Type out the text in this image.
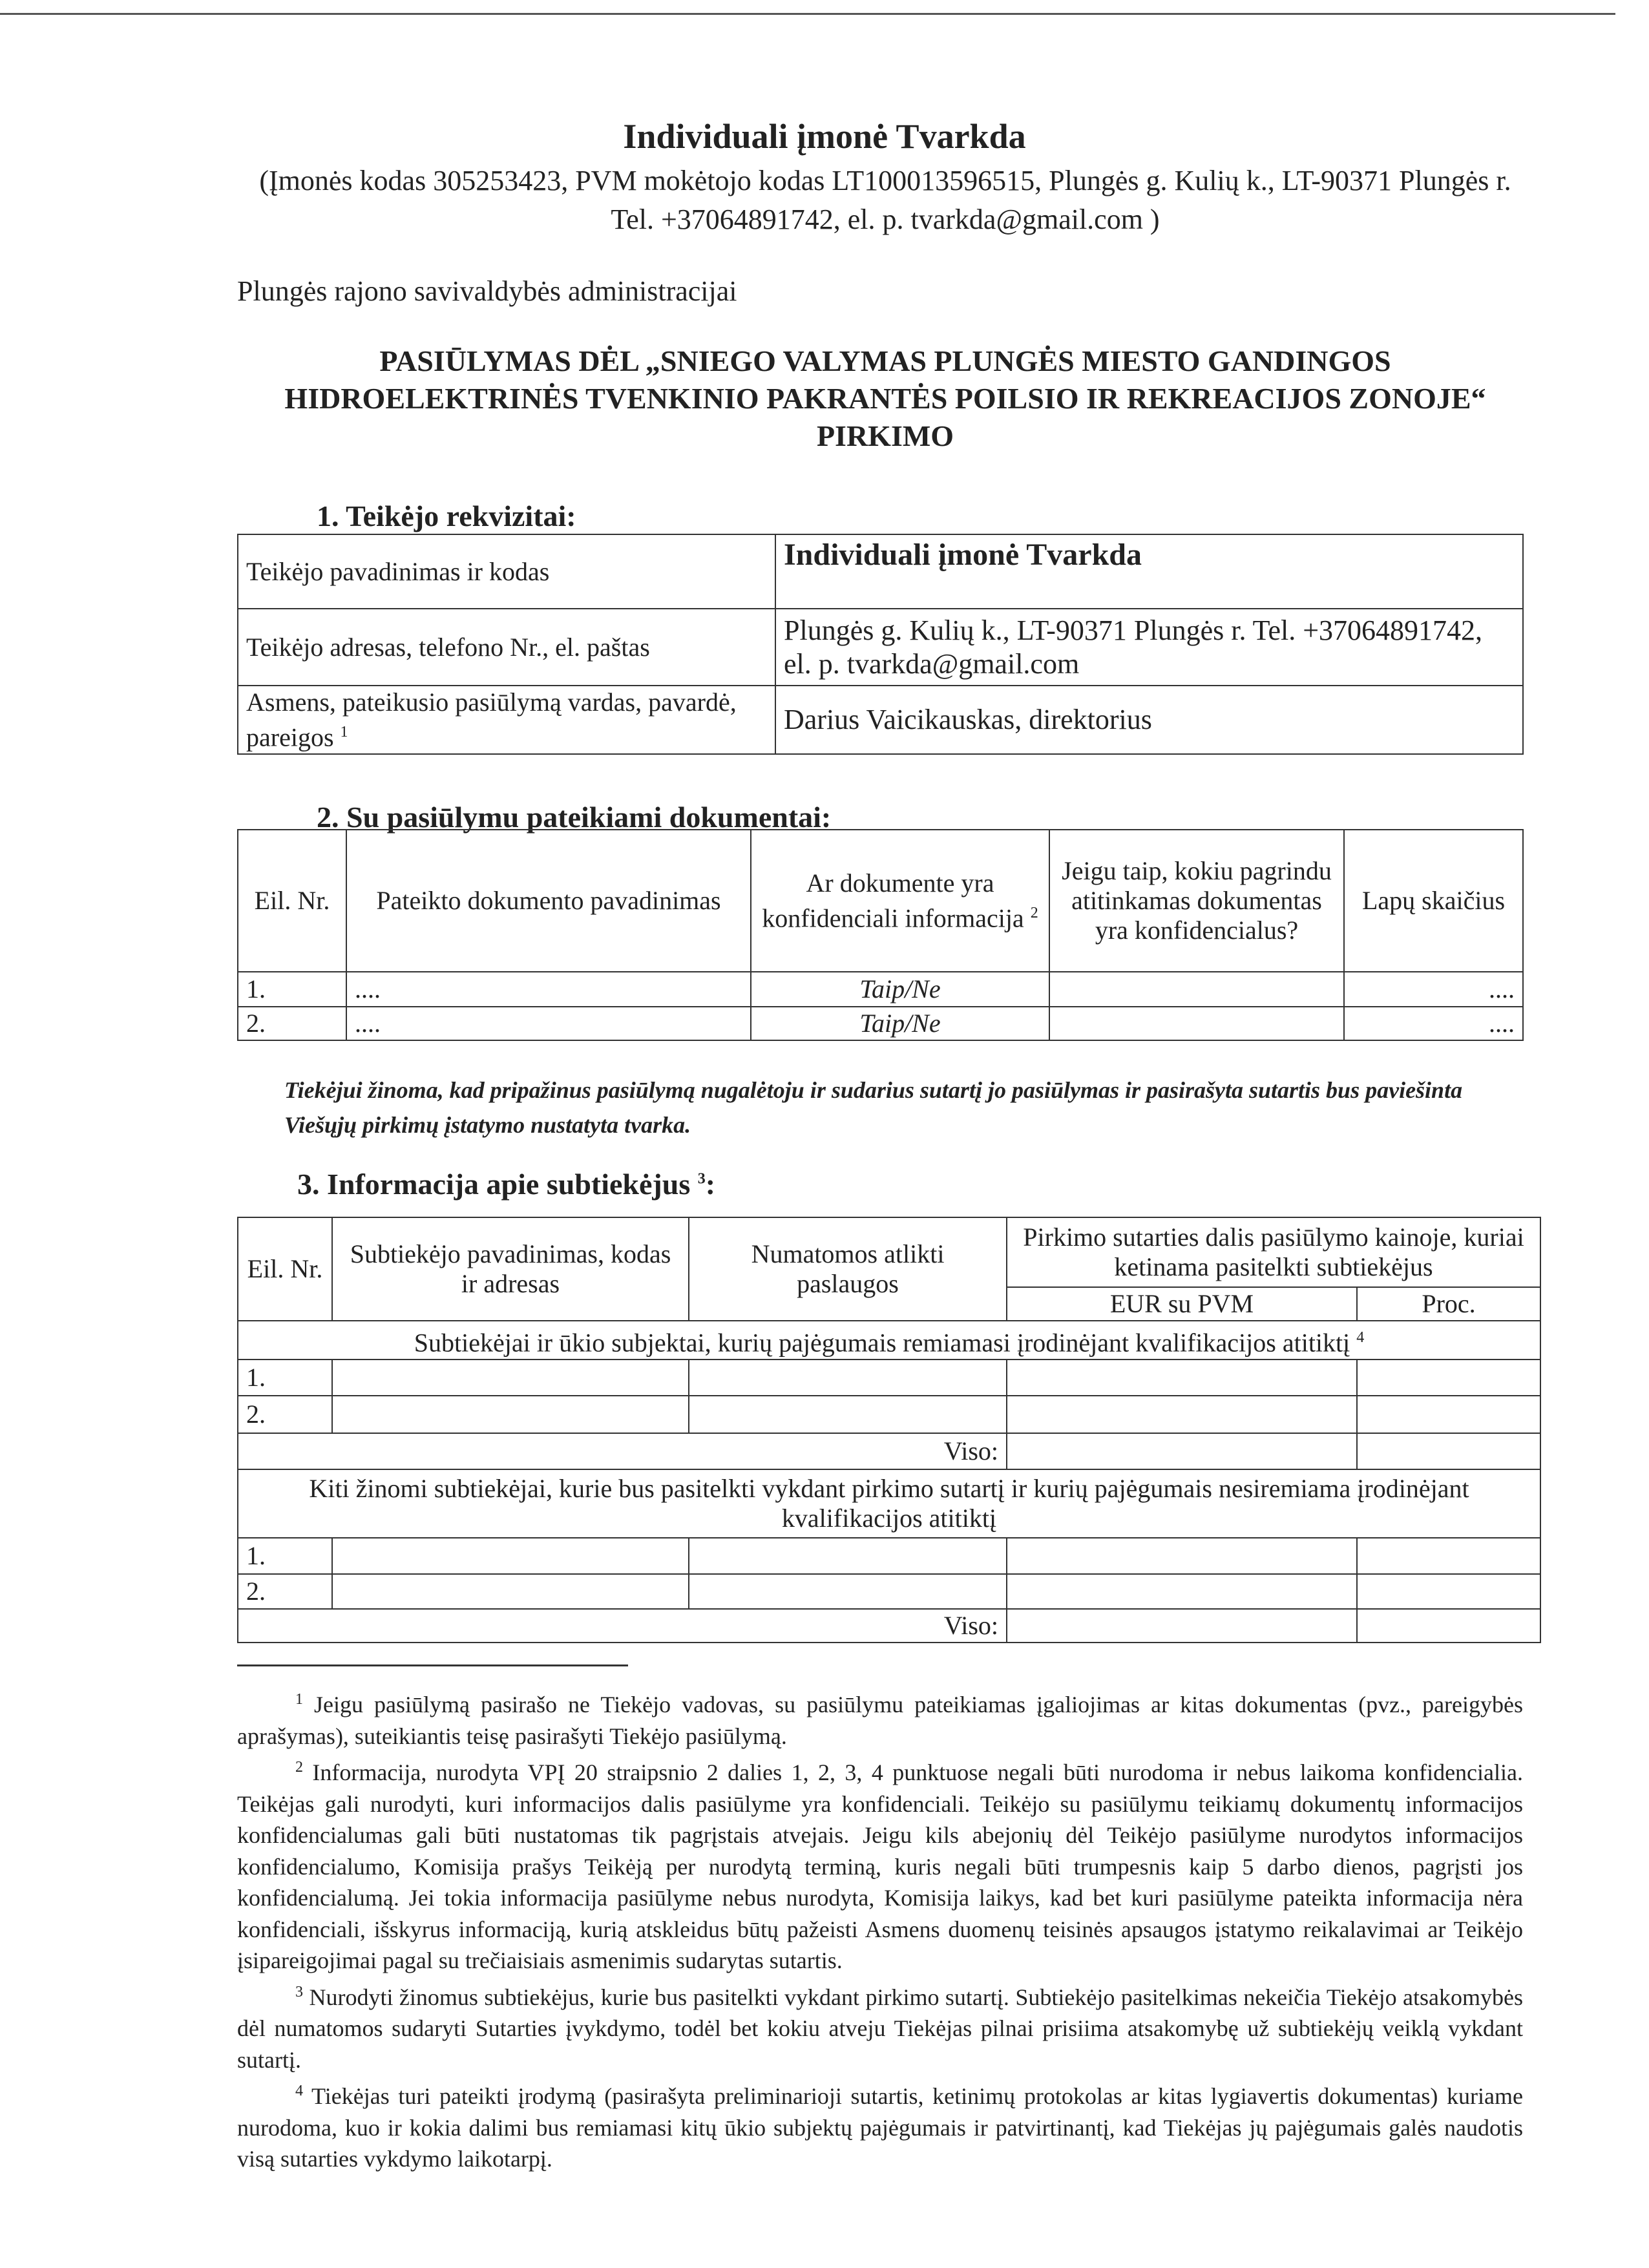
Individuali įmonė Tvarkda
(Įmonės kodas 305253423, PVM mokėtojo kodas LT100013596515, Plungės g. Kulių k., LT-90371 Plungės r. Tel. +37064891742, el. p. tvarkda@gmail.com )
Plungės rajono savivaldybės administracijai
PASIŪLYMAS DĖL „SNIEGO VALYMAS PLUNGĖS MIESTO GANDINGOS HIDROELEKTRINĖS TVENKINIO PAKRANTĖS POILSIO IR REKREACIJOS ZONOJE“ PIRKIMO
1. Teikėjo rekvizitai:
Teikėjo pavadinimas ir kodas	Individuali įmonė Tvarkda
Teikėjo adresas, telefono Nr., el. paštas	Plungės g. Kulių k., LT-90371 Plungės r. Tel. +37064891742, el. p. tvarkda@gmail.com
Asmens, pateikusio pasiūlymą vardas, pavardė, pareigos $^1$	Darius Vaicikauskas, direktorius
2. Su pasiūlymu pateikiami dokumentai:
Eil. Nr.	Pateikto dokumento pavadinimas	Ar dokumente yra konfidenciali informacija $^2$	Jeigu taip, kokiu pagrindu atitinkamas dokumentas yra konfidencialus?	Lapų skaičius
1.	....	Taip/Ne		....
2.	....	Taip/Ne		....
Tiekėjui žinoma, kad pripažinus pasiūlymą nugalėtoju ir sudarius sutartį jo pasiūlymas ir pasirašyta sutartis bus paviešinta Viešųjų pirkimų įstatymo nustatyta tvarka.
3. Informacija apie subtiekėjus $^3$:
Eil. Nr.	Subtiekėjo pavadinimas, kodas ir adresas	Numatomos atlikti paslaugos	Pirkimo sutarties dalis pasiūlymo kainoje, kuriai ketinama pasitelkti subtiekėjus	
			EUR su PVM	Proc.
Subtiekėjai ir ūkio subjektai, kurių pajėgumais remiamasi įrodinėjant kvalifikacijos atitiktį $^4$
1.				
2.				
Viso:				
Kiti žinomi subtiekėjai, kurie bus pasitelkti vykdant pirkimo sutartį ir kurių pajėgumais nesiremiama įrodinėjant kvalifikacijos atitiktį				
1.				
2.				
Viso:				

$^1$ Jeigu pasiūlymą pasirašo ne Tiekėjo vadovas, su pasiūlymu pateikiamas įgaliojimas ar kitas dokumentas (pvz., pareigybės aprašymas), suteikiantis teisę pasirašyti Tiekėjo pasiūlymą.

$^2$ Informacija, nurodyta VPĮ 20 straipsnio 2 dalies 1, 2, 3, 4 punktuose negali būti nurodoma ir nebus laikoma konfidencialia. Teikėjas gali nurodyti, kuri informacijos dalis pasiūlyme yra konfidenciali. Teikėjo su pasiūlymu teikiamų dokumentų informacijos konfidencialumas gali būti nustatomas tik pagrįstais atvejais. Jeigu kils abejonių dėl Teikėjo pasiūlyme nurodytos informacijos konfidencialumo, Komisija prašys Teikėją per nurodytą terminą, kuris negali būti trumpesnis kaip 5 darbo dienos, pagrįsti jos konfidencialumą. Jei tokia informacija pasiūlyme nebus nurodyta, Komisija laikys, kad bet kuri pasiūlyme pateikta informacija nėra konfidenciali, išskyrus informaciją, kurią atskleidus būtų pažeisti Asmens duomenų teisinės apsaugos įstatymo reikalavimai ar Teikėjo įsipareigojimai pagal su trečiaisiais asmenimis sudarytas sutartis.

$^3$ Nurodyti žinomus subtiekėjus, kurie bus pasitelkti vykdant pirkimo sutartį. Subtiekėjo pasitelkimas nekeičia Tiekėjo atsakomybės dėl numatomos sudaryti Sutarties įvykdymo, todėl bet kokiu atveju Tiekėjas pilnai prisiima atsakomybę už subtiekėjų veiklą vykdant sutartį.

$^4$ Tiekėjas turi pateikti įrodymą (pasirašyta preliminarioji sutartis, ketinimų protokolas ar kitas lygiavertis dokumentas) kuriame nurodoma, kuo ir kokia dalimi bus remiamasi kitų ūkio subjektų pajėgumais ir patvirtinantį, kad Tiekėjas jų pajėgumais galės naudotis visą sutarties vykdymo laikotarpį.
